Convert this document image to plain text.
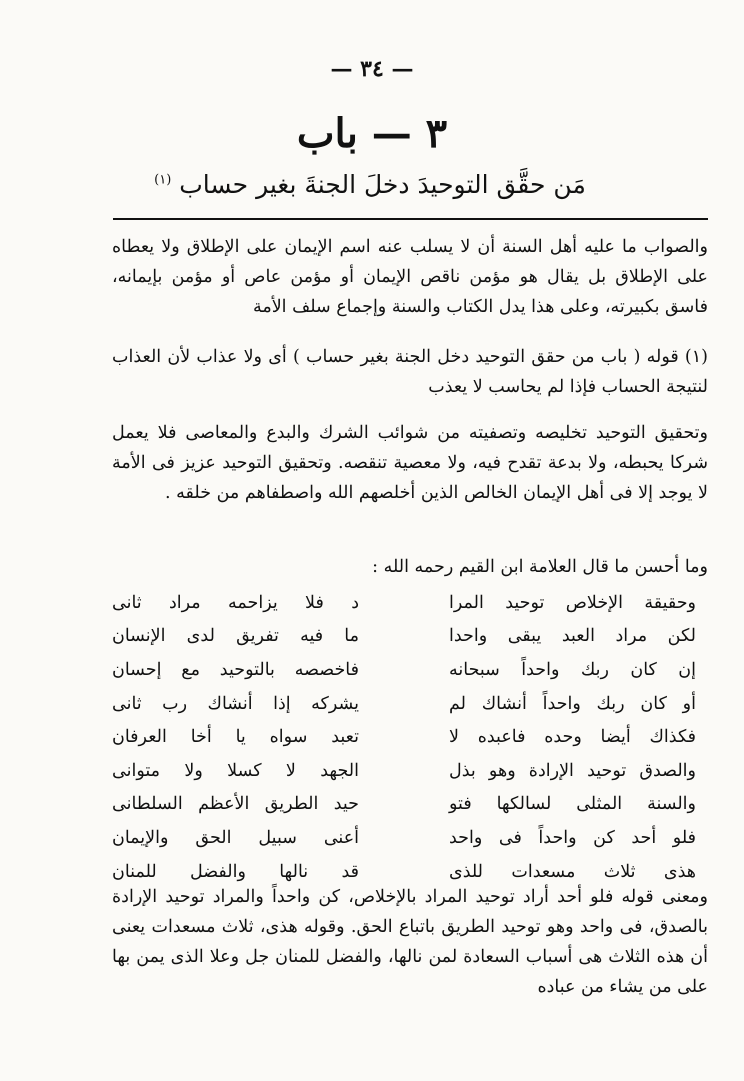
— ٣٤ —
٣ — باب
مَن حقَّق التوحيدَ دخلَ الجنةَ بغير حساب $^{(١)}$

والصواب ما عليه أهل السنة أن لا يسلب عنه اسم الإيمان على الإطلاق ولا يعطاه على الإطلاق بل يقال هو مؤمن ناقص الإيمان أو مؤمن عاص أو مؤمن بإيمانه، فاسق بكبيرته، وعلى هذا يدل الكتاب والسنة وإجماع سلف الأمة

(١) قوله ( باب من حقق التوحيد دخل الجنة بغير حساب ) أى ولا عذاب لأن العذاب لنتيجة الحساب فإذا لم يحاسب لا يعذب

وتحقيق التوحيد تخليصه وتصفيته من شوائب الشرك والبدع والمعاصى فلا يعمل شركا يحبطه، ولا بدعة تقدح فيه، ولا معصية تنقصه. وتحقيق التوحيد عزيز فى الأمة لا يوجد إلا فى أهل الإيمان الخالص الذين أخلصهم الله واصطفاهم من خلقه .

وما أحسن ما قال العلامة ابن القيم رحمه الله :

وحقيقة الإخلاص توحيد المرا
د فلا يزاحمه مراد ثانى
لكن مراد العبد يبقى واحدا
ما فيه تفريق لدى الإنسان
إن كان ربك واحداً سبحانه
فاخصصه بالتوحيد مع إحسان
أو كان ربك واحداً أنشاك لم
يشركه إذا أنشاك رب ثانى
فكذاك أيضا وحده فاعبده لا
تعبد سواه يا أخا العرفان
والصدق توحيد الإرادة وهو بذل
الجهد لا كسلا ولا متوانى
والسنة المثلى لسالكها فتو
حيد الطريق الأعظم السلطانى
فلو أحد كن واحداً فى واحد
أعنى سبيل الحق والإيمان
هذى ثلاث مسعدات للذى
قد نالها والفضل للمنان

ومعنى قوله فلو أحد أراد توحيد المراد بالإخلاص، كن واحداً والمراد توحيد الإرادة بالصدق، فى واحد وهو توحيد الطريق باتباع الحق. وقوله هذى، ثلاث مسعدات يعنى أن هذه الثلاث هى أسباب السعادة لمن نالها، والفضل للمنان جل وعلا الذى يمن بها على من يشاء من عباده
